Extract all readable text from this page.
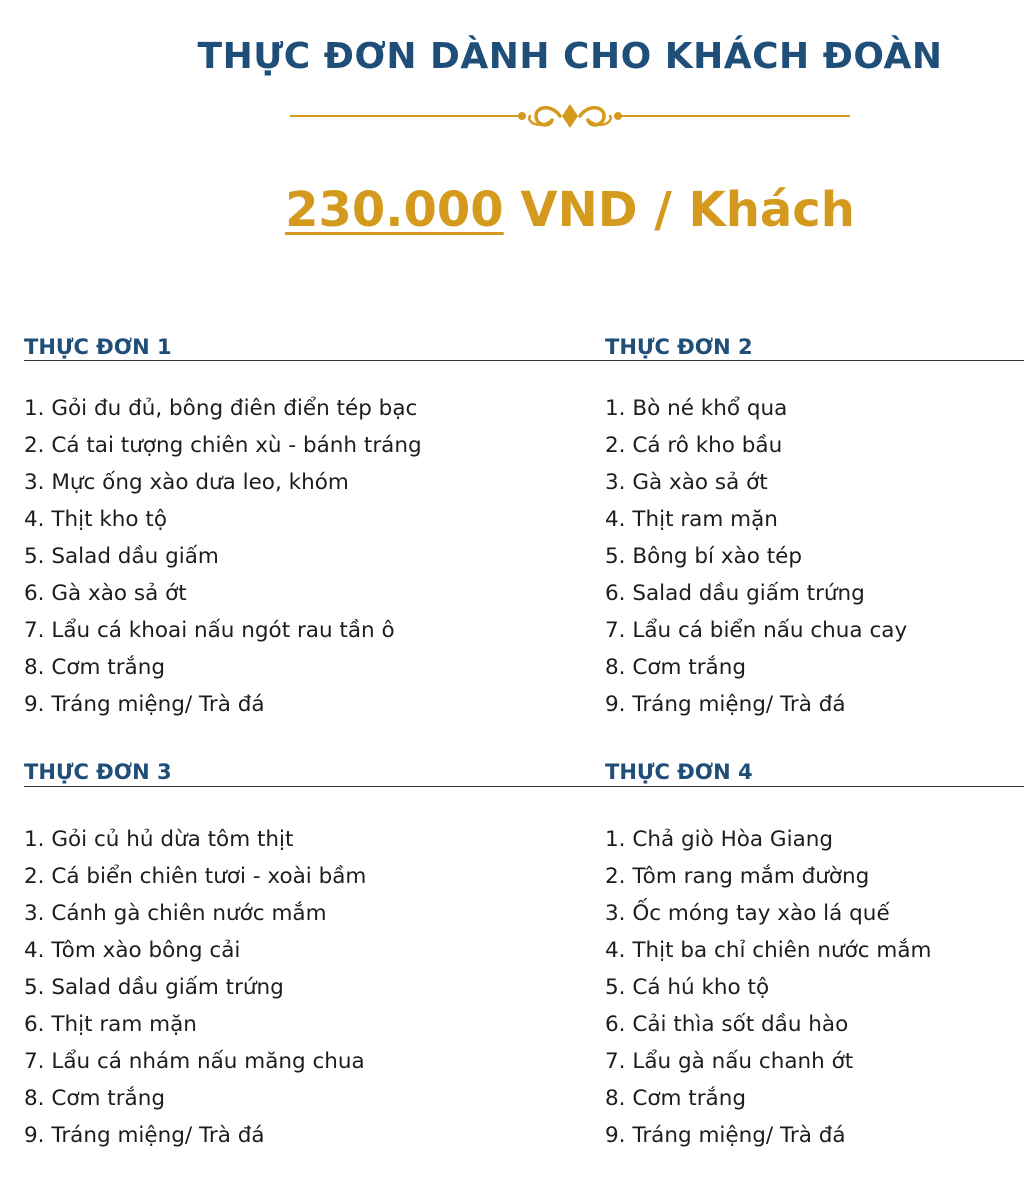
THỰC ĐƠN DÀNH CHO KHÁCH ĐOÀN
230.000 VND / Khách
THỰC ĐƠN 1
1. Gỏi đu đủ, bông điên điển tép bạc
2. Cá tai tượng chiên xù - bánh tráng
3. Mực ống xào dưa leo, khóm
4. Thịt kho tộ
5. Salad dầu giấm
6. Gà xào sả ớt
7. Lẩu cá khoai nấu ngót rau tần ô
8. Cơm trắng
9. Tráng miệng/ Trà đá
THỰC ĐƠN 2
1. Bò né khổ qua
2. Cá rô kho bầu
3. Gà xào sả ớt
4. Thịt ram mặn
5. Bông bí xào tép
6. Salad dầu giấm trứng
7. Lẩu cá biển nấu chua cay
8. Cơm trắng
9. Tráng miệng/ Trà đá
THỰC ĐƠN 3
1. Gỏi củ hủ dừa tôm thịt
2. Cá biển chiên tươi - xoài bầm
3. Cánh gà chiên nước mắm
4. Tôm xào bông cải
5. Salad dầu giấm trứng
6. Thịt ram mặn
7. Lẩu cá nhám nấu măng chua
8. Cơm trắng
9. Tráng miệng/ Trà đá
THỰC ĐƠN 4
1. Chả giò Hòa Giang
2. Tôm rang mắm đường
3. Ốc móng tay xào lá quế
4. Thịt ba chỉ chiên nước mắm
5. Cá hú kho tộ
6. Cải thìa sốt dầu hào
7. Lẩu gà nấu chanh ớt
8. Cơm trắng
9. Tráng miệng/ Trà đá
